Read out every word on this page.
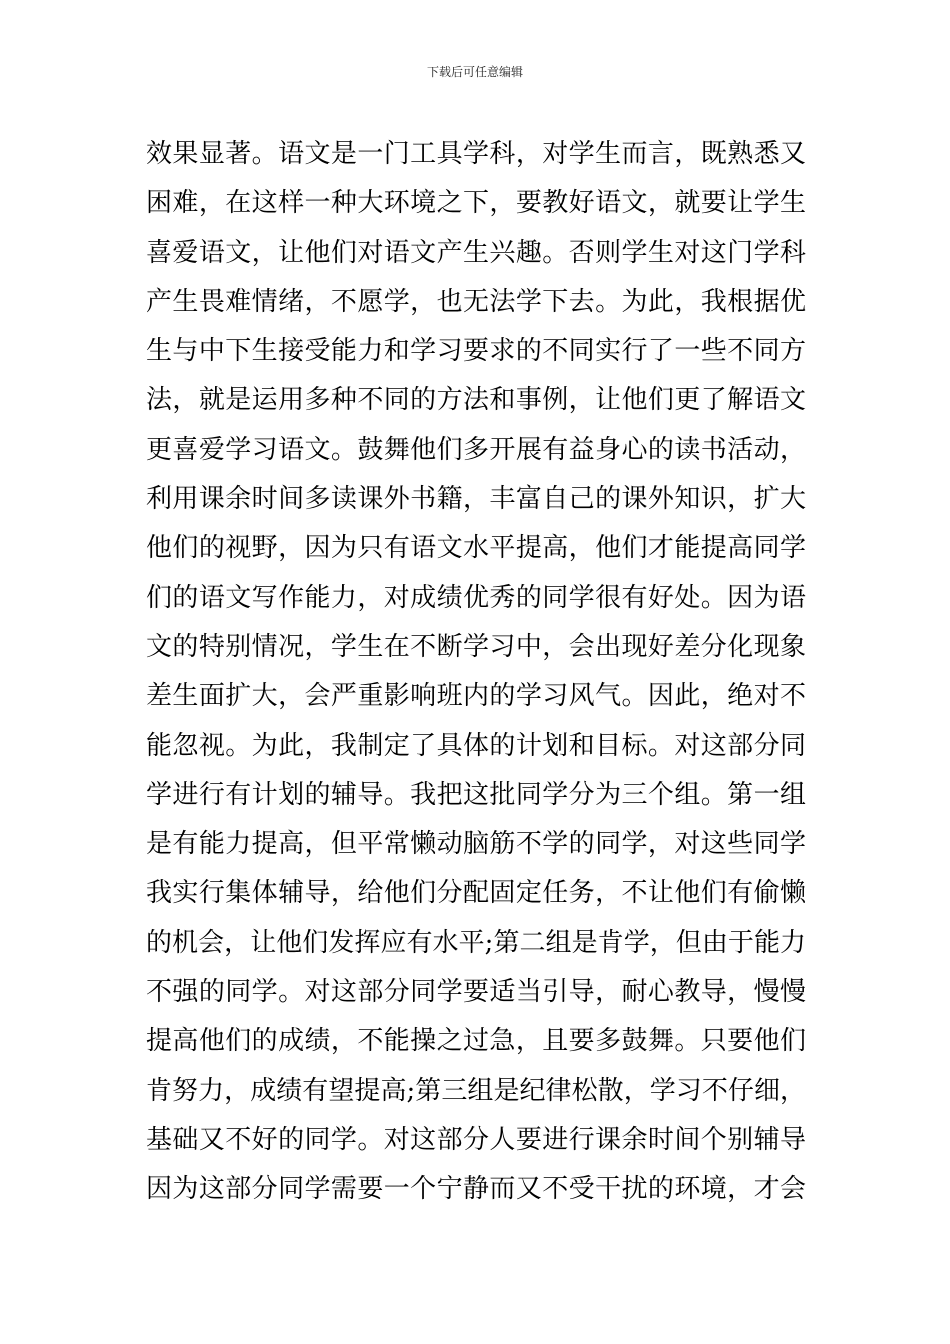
下载后可任意编辑
效果显著。语文是一门工具学科，对学生而言，既熟悉又
困难，在这样一种大环境之下，要教好语文，就要让学生
喜爱语文，让他们对语文产生兴趣。否则学生对这门学科
产生畏难情绪，不愿学，也无法学下去。为此，我根据优
生与中下生接受能力和学习要求的不同实行了一些不同方
法，就是运用多种不同的方法和事例，让他们更了解语文
更喜爱学习语文。鼓舞他们多开展有益身心的读书活动，
利用课余时间多读课外书籍，丰富自己的课外知识，扩大
他们的视野，因为只有语文水平提高，他们才能提高同学
们的语文写作能力，对成绩优秀的同学很有好处。因为语
文的特别情况，学生在不断学习中，会出现好差分化现象
差生面扩大，会严重影响班内的学习风气。因此，绝对不
能忽视。为此，我制定了具体的计划和目标。对这部分同
学进行有计划的辅导。我把这批同学分为三个组。第一组
是有能力提高，但平常懒动脑筋不学的同学，对这些同学
我实行集体辅导，给他们分配固定任务，不让他们有偷懒
的机会，让他们发挥应有水平;第二组是肯学，但由于能力
不强的同学。对这部分同学要适当引导，耐心教导，慢慢
提高他们的成绩，不能操之过急，且要多鼓舞。只要他们
肯努力，成绩有望提高;第三组是纪律松散，学习不仔细，
基础又不好的同学。对这部分人要进行课余时间个别辅导
因为这部分同学需要一个宁静而又不受干扰的环境，才会
